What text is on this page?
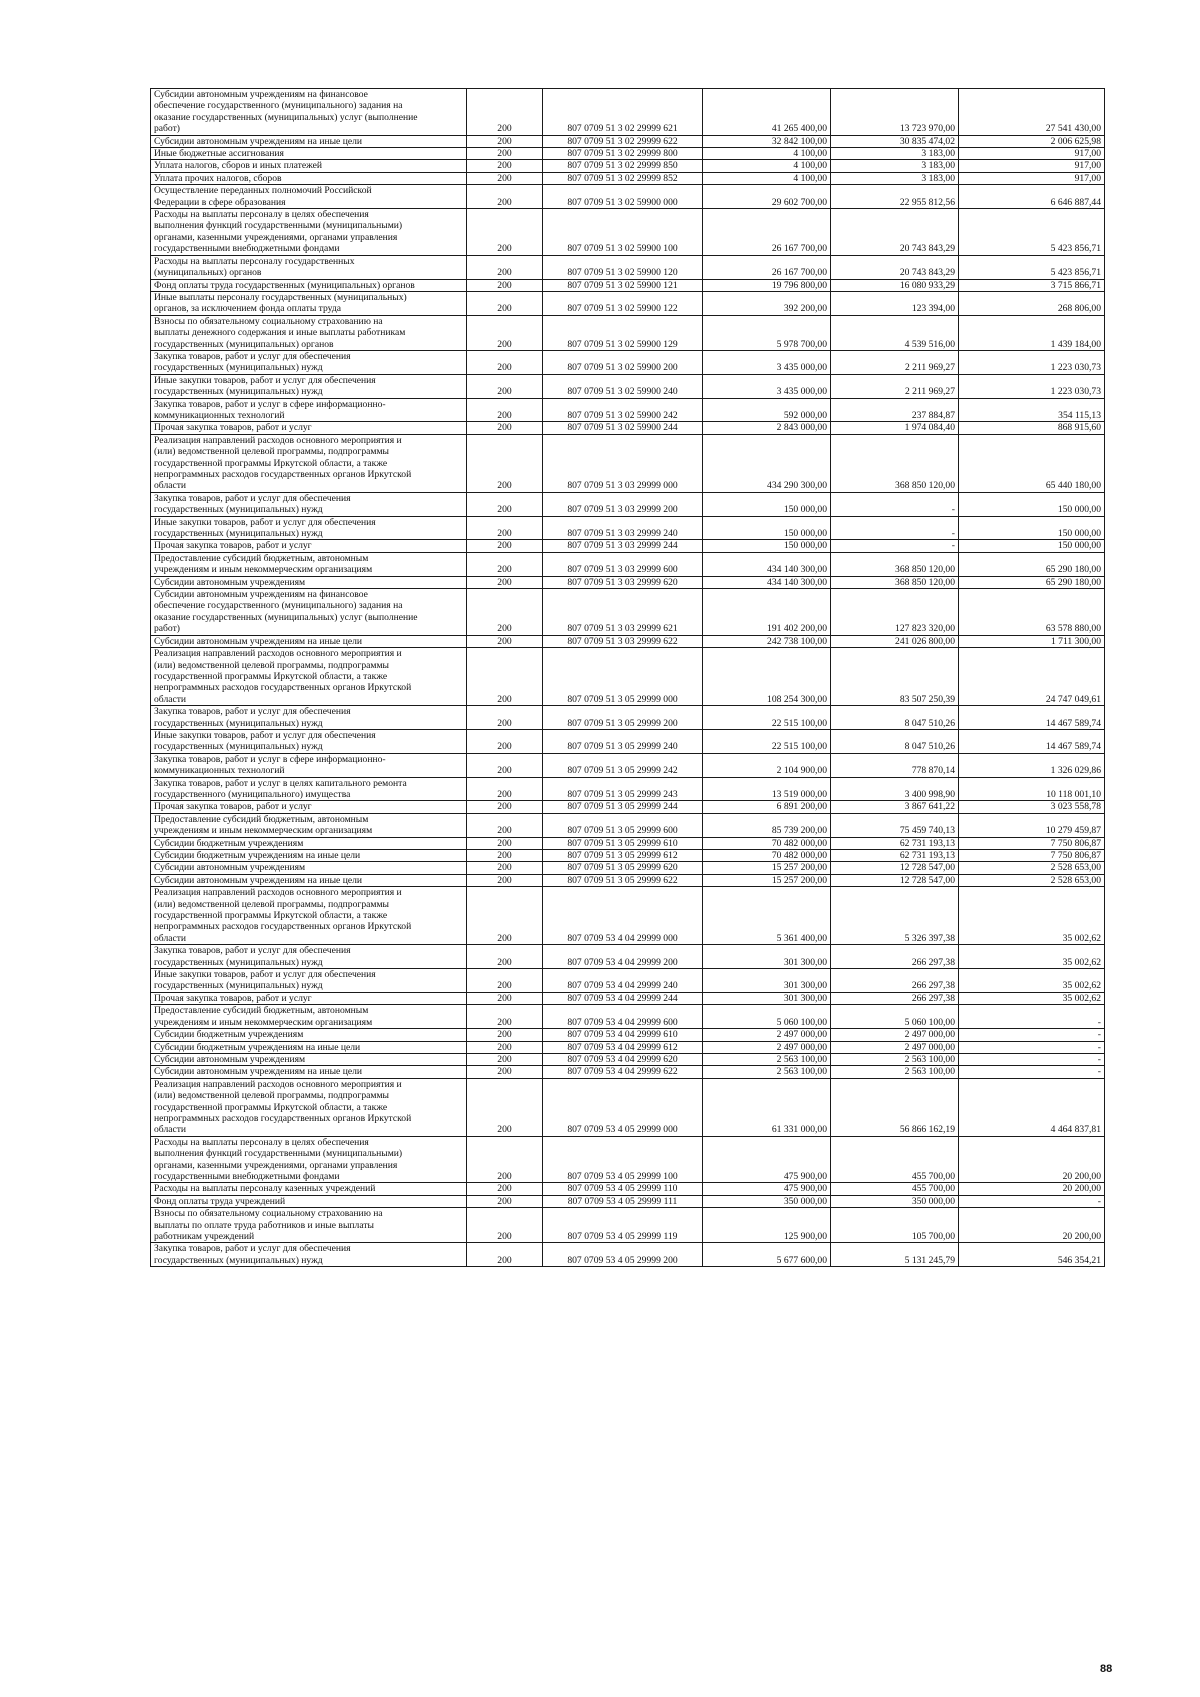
Субсидии автономным учреждениям на финансовое
обеспечение государственного (муниципального) задания на
оказание государственных (муниципальных) услуг (выполнение
работ)	200	807 0709 51 3 02 29999 621	41 265 400,00	13 723 970,00	27 541 430,00
Субсидии автономным учреждениям на иные цели	200	807 0709 51 3 02 29999 622	32 842 100,00	30 835 474,02	2 006 625,98
Иные бюджетные ассигнования	200	807 0709 51 3 02 29999 800	4 100,00	3 183,00	917,00
Уплата налогов, сборов и иных платежей	200	807 0709 51 3 02 29999 850	4 100,00	3 183,00	917,00
Уплата прочих налогов, сборов	200	807 0709 51 3 02 29999 852	4 100,00	3 183,00	917,00
Осуществление переданных полномочий Российской
Федерации в сфере образования	200	807 0709 51 3 02 59900 000	29 602 700,00	22 955 812,56	6 646 887,44
Расходы на выплаты персоналу в целях обеспечения
выполнения функций государственными (муниципальными)
органами, казенными учреждениями, органами управления
государственными внебюджетными фондами	200	807 0709 51 3 02 59900 100	26 167 700,00	20 743 843,29	5 423 856,71
Расходы на выплаты персоналу государственных
(муниципальных) органов	200	807 0709 51 3 02 59900 120	26 167 700,00	20 743 843,29	5 423 856,71
Фонд оплаты труда государственных (муниципальных) органов	200	807 0709 51 3 02 59900 121	19 796 800,00	16 080 933,29	3 715 866,71
Иные выплаты персоналу государственных (муниципальных)
органов, за исключением фонда оплаты труда	200	807 0709 51 3 02 59900 122	392 200,00	123 394,00	268 806,00
Взносы по обязательному социальному страхованию на
выплаты денежного содержания и иные выплаты работникам
государственных (муниципальных) органов	200	807 0709 51 3 02 59900 129	5 978 700,00	4 539 516,00	1 439 184,00
Закупка товаров, работ и услуг для обеспечения
государственных (муниципальных) нужд	200	807 0709 51 3 02 59900 200	3 435 000,00	2 211 969,27	1 223 030,73
Иные закупки товаров, работ и услуг для обеспечения
государственных (муниципальных) нужд	200	807 0709 51 3 02 59900 240	3 435 000,00	2 211 969,27	1 223 030,73
Закупка товаров, работ и услуг в сфере информационно-
коммуникационных технологий	200	807 0709 51 3 02 59900 242	592 000,00	237 884,87	354 115,13
Прочая закупка товаров, работ и услуг	200	807 0709 51 3 02 59900 244	2 843 000,00	1 974 084,40	868 915,60
Реализация направлений расходов основного мероприятия и
(или) ведомственной целевой программы, подпрограммы
государственной программы Иркутской области, а также
непрограммных расходов государственных органов Иркутской
области	200	807 0709 51 3 03 29999 000	434 290 300,00	368 850 120,00	65 440 180,00
Закупка товаров, работ и услуг для обеспечения
государственных (муниципальных) нужд	200	807 0709 51 3 03 29999 200	150 000,00	-	150 000,00
Иные закупки товаров, работ и услуг для обеспечения
государственных (муниципальных) нужд	200	807 0709 51 3 03 29999 240	150 000,00	-	150 000,00
Прочая закупка товаров, работ и услуг	200	807 0709 51 3 03 29999 244	150 000,00	-	150 000,00
Предоставление субсидий бюджетным, автономным
учреждениям и иным некоммерческим организациям	200	807 0709 51 3 03 29999 600	434 140 300,00	368 850 120,00	65 290 180,00
Субсидии автономным учреждениям	200	807 0709 51 3 03 29999 620	434 140 300,00	368 850 120,00	65 290 180,00
Субсидии автономным учреждениям на финансовое
обеспечение государственного (муниципального) задания на
оказание государственных (муниципальных) услуг (выполнение
работ)	200	807 0709 51 3 03 29999 621	191 402 200,00	127 823 320,00	63 578 880,00
Субсидии автономным учреждениям на иные цели	200	807 0709 51 3 03 29999 622	242 738 100,00	241 026 800,00	1 711 300,00
Реализация направлений расходов основного мероприятия и
(или) ведомственной целевой программы, подпрограммы
государственной программы Иркутской области, а также
непрограммных расходов государственных органов Иркутской
области	200	807 0709 51 3 05 29999 000	108 254 300,00	83 507 250,39	24 747 049,61
Закупка товаров, работ и услуг для обеспечения
государственных (муниципальных) нужд	200	807 0709 51 3 05 29999 200	22 515 100,00	8 047 510,26	14 467 589,74
Иные закупки товаров, работ и услуг для обеспечения
государственных (муниципальных) нужд	200	807 0709 51 3 05 29999 240	22 515 100,00	8 047 510,26	14 467 589,74
Закупка товаров, работ и услуг в сфере информационно-
коммуникационных технологий	200	807 0709 51 3 05 29999 242	2 104 900,00	778 870,14	1 326 029,86
Закупка товаров, работ и услуг в целях капитального ремонта
государственного (муниципального) имущества	200	807 0709 51 3 05 29999 243	13 519 000,00	3 400 998,90	10 118 001,10
Прочая закупка товаров, работ и услуг	200	807 0709 51 3 05 29999 244	6 891 200,00	3 867 641,22	3 023 558,78
Предоставление субсидий бюджетным, автономным
учреждениям и иным некоммерческим организациям	200	807 0709 51 3 05 29999 600	85 739 200,00	75 459 740,13	10 279 459,87
Субсидии бюджетным учреждениям	200	807 0709 51 3 05 29999 610	70 482 000,00	62 731 193,13	7 750 806,87
Субсидии бюджетным учреждениям на иные цели	200	807 0709 51 3 05 29999 612	70 482 000,00	62 731 193,13	7 750 806,87
Субсидии автономным учреждениям	200	807 0709 51 3 05 29999 620	15 257 200,00	12 728 547,00	2 528 653,00
Субсидии автономным учреждениям на иные цели	200	807 0709 51 3 05 29999 622	15 257 200,00	12 728 547,00	2 528 653,00
Реализация направлений расходов основного мероприятия и
(или) ведомственной целевой программы, подпрограммы
государственной программы Иркутской области, а также
непрограммных расходов государственных органов Иркутской
области	200	807 0709 53 4 04 29999 000	5 361 400,00	5 326 397,38	35 002,62
Закупка товаров, работ и услуг для обеспечения
государственных (муниципальных) нужд	200	807 0709 53 4 04 29999 200	301 300,00	266 297,38	35 002,62
Иные закупки товаров, работ и услуг для обеспечения
государственных (муниципальных) нужд	200	807 0709 53 4 04 29999 240	301 300,00	266 297,38	35 002,62
Прочая закупка товаров, работ и услуг	200	807 0709 53 4 04 29999 244	301 300,00	266 297,38	35 002,62
Предоставление субсидий бюджетным, автономным
учреждениям и иным некоммерческим организациям	200	807 0709 53 4 04 29999 600	5 060 100,00	5 060 100,00	-
Субсидии бюджетным учреждениям	200	807 0709 53 4 04 29999 610	2 497 000,00	2 497 000,00	-
Субсидии бюджетным учреждениям на иные цели	200	807 0709 53 4 04 29999 612	2 497 000,00	2 497 000,00	-
Субсидии автономным учреждениям	200	807 0709 53 4 04 29999 620	2 563 100,00	2 563 100,00	-
Субсидии автономным учреждениям на иные цели	200	807 0709 53 4 04 29999 622	2 563 100,00	2 563 100,00	-
Реализация направлений расходов основного мероприятия и
(или) ведомственной целевой программы, подпрограммы
государственной программы Иркутской области, а также
непрограммных расходов государственных органов Иркутской
области	200	807 0709 53 4 05 29999 000	61 331 000,00	56 866 162,19	4 464 837,81
Расходы на выплаты персоналу в целях обеспечения
выполнения функций государственными (муниципальными)
органами, казенными учреждениями, органами управления
государственными внебюджетными фондами	200	807 0709 53 4 05 29999 100	475 900,00	455 700,00	20 200,00
Расходы на выплаты персоналу казенных учреждений	200	807 0709 53 4 05 29999 110	475 900,00	455 700,00	20 200,00
Фонд оплаты труда учреждений	200	807 0709 53 4 05 29999 111	350 000,00	350 000,00	-
Взносы по обязательному социальному страхованию на
выплаты по оплате труда работников и иные выплаты
работникам учреждений	200	807 0709 53 4 05 29999 119	125 900,00	105 700,00	20 200,00
Закупка товаров, работ и услуг для обеспечения
государственных (муниципальных) нужд	200	807 0709 53 4 05 29999 200	5 677 600,00	5 131 245,79	546 354,21
88
